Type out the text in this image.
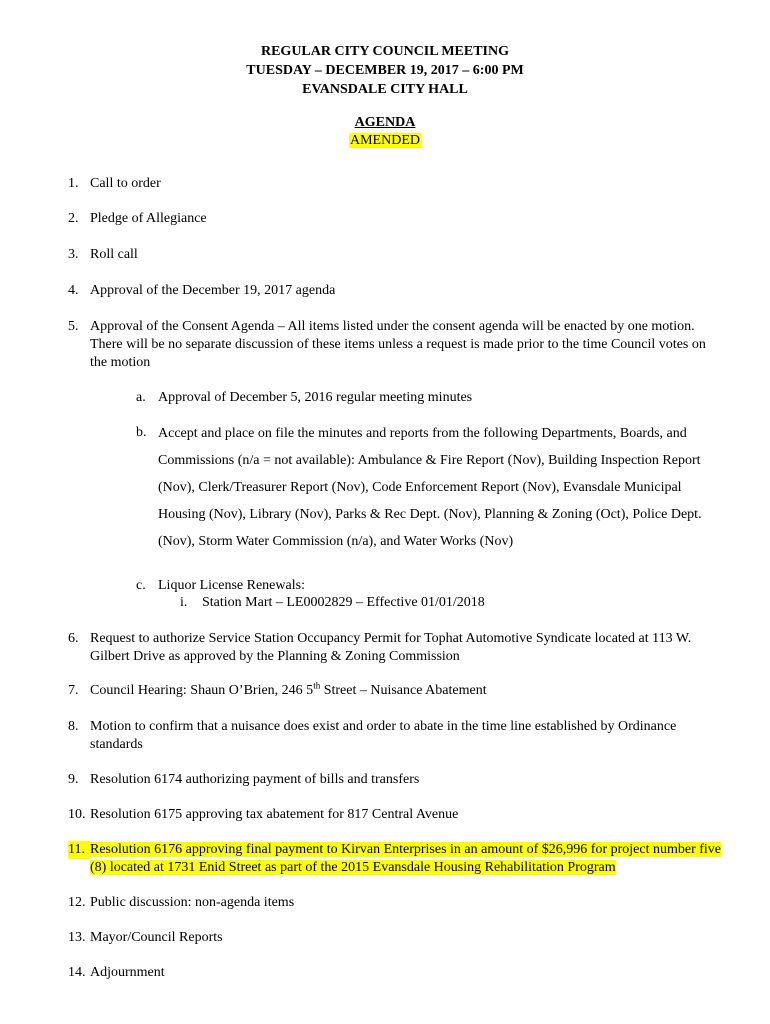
REGULAR CITY COUNCIL MEETING
TUESDAY – DECEMBER 19, 2017 – 6:00 PM
EVANSDALE CITY HALL
AGENDA
AMENDED
1. Call to order
2. Pledge of Allegiance
3. Roll call
4. Approval of the December 19, 2017 agenda
5. Approval of the Consent Agenda – All items listed under the consent agenda will be enacted by one motion. There will be no separate discussion of these items unless a request is made prior to the time Council votes on the motion
a. Approval of December 5, 2016 regular meeting minutes
b. Accept and place on file the minutes and reports from the following Departments, Boards, and Commissions (n/a = not available): Ambulance & Fire Report (Nov), Building Inspection Report (Nov), Clerk/Treasurer Report (Nov), Code Enforcement Report (Nov), Evansdale Municipal Housing (Nov), Library (Nov), Parks & Rec Dept. (Nov), Planning & Zoning (Oct), Police Dept. (Nov), Storm Water Commission (n/a), and Water Works (Nov)
c. Liquor License Renewals:
i.	Station Mart – LE0002829 – Effective 01/01/2018
6. Request to authorize Service Station Occupancy Permit for Tophat Automotive Syndicate located at 113 W. Gilbert Drive as approved by the Planning & Zoning Commission
7. Council Hearing: Shaun O’Brien, 246 5th Street – Nuisance Abatement
8. Motion to confirm that a nuisance does exist and order to abate in the time line established by Ordinance standards
9. Resolution 6174 authorizing payment of bills and transfers
10. Resolution 6175 approving tax abatement for 817 Central Avenue
11. Resolution 6176 approving final payment to Kirvan Enterprises in an amount of $26,996 for project number five (8) located at 1731 Enid Street as part of the 2015 Evansdale Housing Rehabilitation Program
12. Public discussion: non-agenda items
13. Mayor/Council Reports
14. Adjournment
